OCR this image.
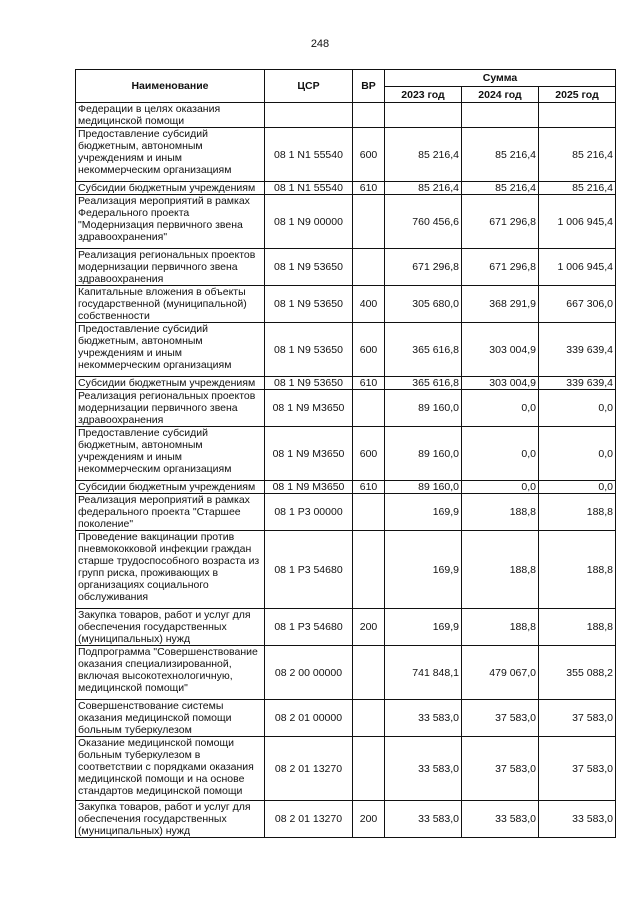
248
Наименование	ЦСР	ВР	Сумма		
			2023 год	2024 год	2025 год
Федерации в целях оказания медицинской помощи					
Предоставление субсидий бюджетным, автономным учреждениям и иным некоммерческим организациям	08 1 N1 55540	600	85 216,4	85 216,4	85 216,4
Субсидии бюджетным учреждениям	08 1 N1 55540	610	85 216,4	85 216,4	85 216,4
Реализация мероприятий в рамках Федерального проекта "Модернизация первичного звена здравоохранения"	08 1 N9 00000		760 456,6	671 296,8	1 006 945,4
Реализация региональных проектов модернизации первичного звена здравоохранения	08 1 N9 53650		671 296,8	671 296,8	1 006 945,4
Капитальные вложения в объекты государственной (муниципальной) собственности	08 1 N9 53650	400	305 680,0	368 291,9	667 306,0
Предоставление субсидий бюджетным, автономным учреждениям и иным некоммерческим организациям	08 1 N9 53650	600	365 616,8	303 004,9	339 639,4
Субсидии бюджетным учреждениям	08 1 N9 53650	610	365 616,8	303 004,9	339 639,4
Реализация региональных проектов модернизации первичного звена здравоохранения	08 1 N9 M3650		89 160,0	0,0	0,0
Предоставление субсидий бюджетным, автономным учреждениям и иным некоммерческим организациям	08 1 N9 M3650	600	89 160,0	0,0	0,0
Субсидии бюджетным учреждениям	08 1 N9 M3650	610	89 160,0	0,0	0,0
Реализация мероприятий в рамках федерального проекта "Старшее поколение"	08 1 P3 00000		169,9	188,8	188,8
Проведение вакцинации против пневмококковой инфекции граждан старше трудоспособного возраста из групп риска, проживающих в организациях социального обслуживания	08 1 P3 54680		169,9	188,8	188,8
Закупка товаров, работ и услуг для обеспечения государственных (муниципальных) нужд	08 1 P3 54680	200	169,9	188,8	188,8
Подпрограмма "Совершенствование оказания специализированной, включая высокотехнологичную, медицинской помощи"	08 2 00 00000		741 848,1	479 067,0	355 088,2
Совершенствование системы оказания медицинской помощи больным туберкулезом	08 2 01 00000		33 583,0	37 583,0	37 583,0
Оказание медицинской помощи больным туберкулезом в соответствии с порядками оказания медицинской помощи и на основе стандартов медицинской помощи	08 2 01 13270		33 583,0	37 583,0	37 583,0
Закупка товаров, работ и услуг для обеспечения государственных (муниципальных) нужд	08 2 01 13270	200	33 583,0	33 583,0	33 583,0
